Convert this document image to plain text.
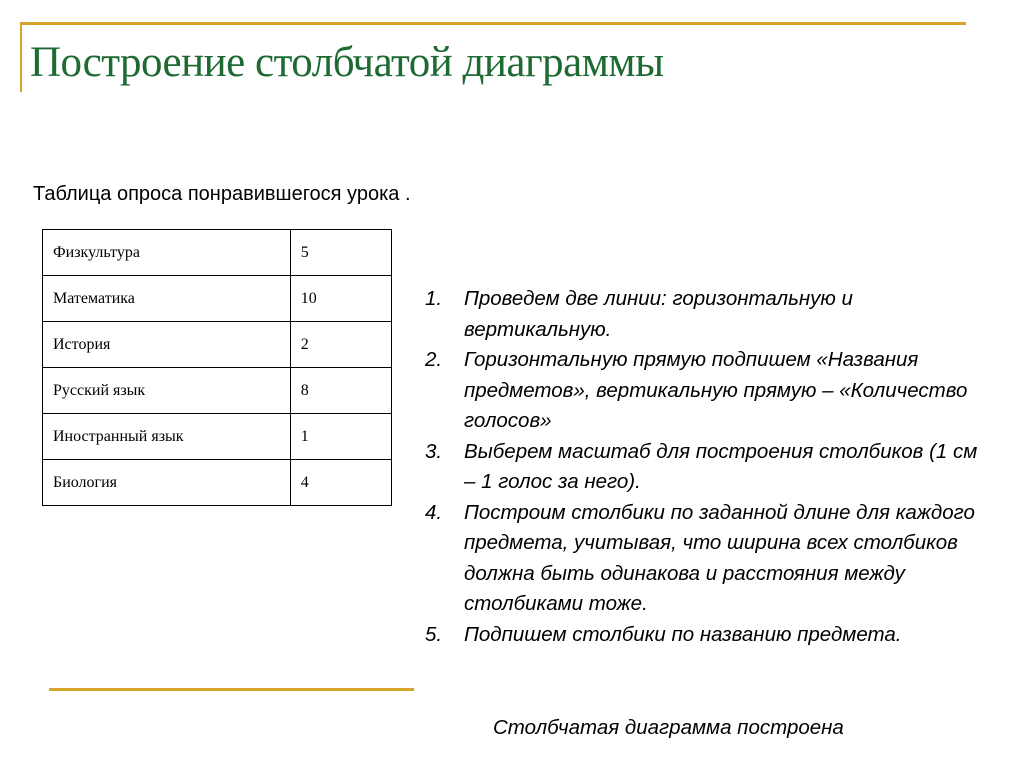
Построение столбчатой диаграммы
Таблица опроса понравившегося урока .
Физкультура	5
Математика	10
История	2
Русский язык	8
Иностранный язык	1
Биология	4
1. Проведем две линии: горизонтальную и вертикальную.
2. Горизонтальную прямую подпишем «Названия предметов», вертикальную прямую – «Количество голосов»
3. Выберем масштаб для построения столбиков (1 см – 1 голос за него).
4. Построим столбики по заданной длине для каждого предмета, учитывая, что ширина всех столбиков должна быть одинакова и расстояния между столбиками тоже.
5. Подпишем столбики по названию предмета.
Столбчатая диаграмма построена
